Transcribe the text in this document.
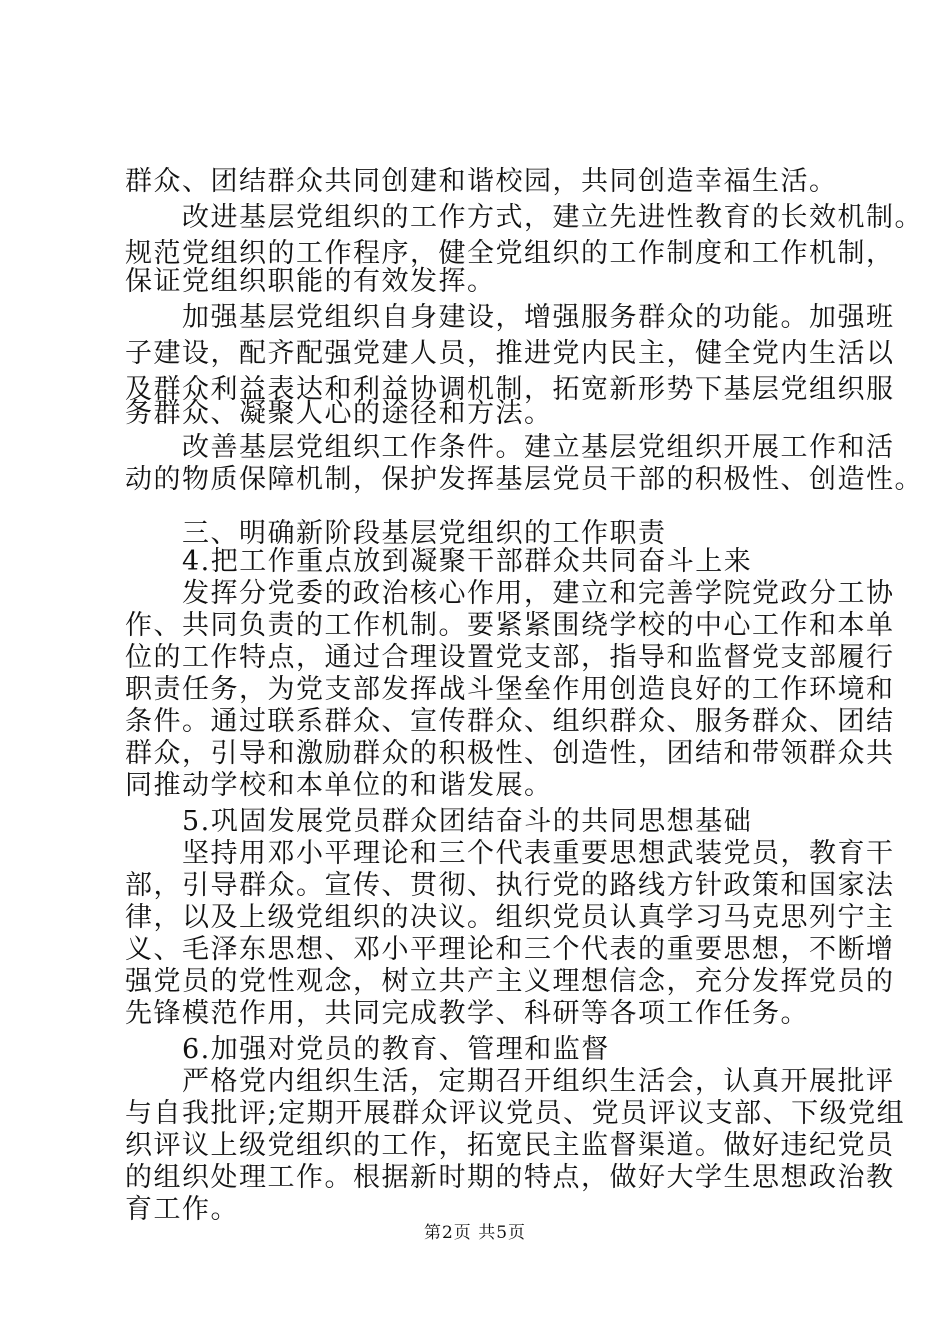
群众、团结群众共同创建和谐校园，共同创造幸福生活。
改进基层党组织的工作方式，建立先进性教育的长效机制。
规范党组织的工作程序，健全党组织的工作制度和工作机制，
保证党组织职能的有效发挥。
加强基层党组织自身建设，增强服务群众的功能。加强班
子建设，配齐配强党建人员，推进党内民主，健全党内生活以
及群众利益表达和利益协调机制，拓宽新形势下基层党组织服
务群众、凝聚人心的途径和方法。
改善基层党组织工作条件。建立基层党组织开展工作和活
动的物质保障机制，保护发挥基层党员干部的积极性、创造性。
三、明确新阶段基层党组织的工作职责
4.把工作重点放到凝聚干部群众共同奋斗上来
发挥分党委的政治核心作用，建立和完善学院党政分工协
作、共同负责的工作机制。要紧紧围绕学校的中心工作和本单
位的工作特点，通过合理设置党支部，指导和监督党支部履行
职责任务，为党支部发挥战斗堡垒作用创造良好的工作环境和
条件。通过联系群众、宣传群众、组织群众、服务群众、团结
群众，引导和激励群众的积极性、创造性，团结和带领群众共
同推动学校和本单位的和谐发展。
5.巩固发展党员群众团结奋斗的共同思想基础
坚持用邓小平理论和三个代表重要思想武装党员，教育干
部，引导群众。宣传、贯彻、执行党的路线方针政策和国家法
律，以及上级党组织的决议。组织党员认真学习马克思列宁主
义、毛泽东思想、邓小平理论和三个代表的重要思想，不断增
强党员的党性观念，树立共产主义理想信念，充分发挥党员的
先锋模范作用，共同完成教学、科研等各项工作任务。
6.加强对党员的教育、管理和监督
严格党内组织生活，定期召开组织生活会，认真开展批评
与自我批评;定期开展群众评议党员、党员评议支部、下级党组
织评议上级党组织的工作，拓宽民主监督渠道。做好违纪党员
的组织处理工作。根据新时期的特点，做好大学生思想政治教
育工作。
第2页 共5页
